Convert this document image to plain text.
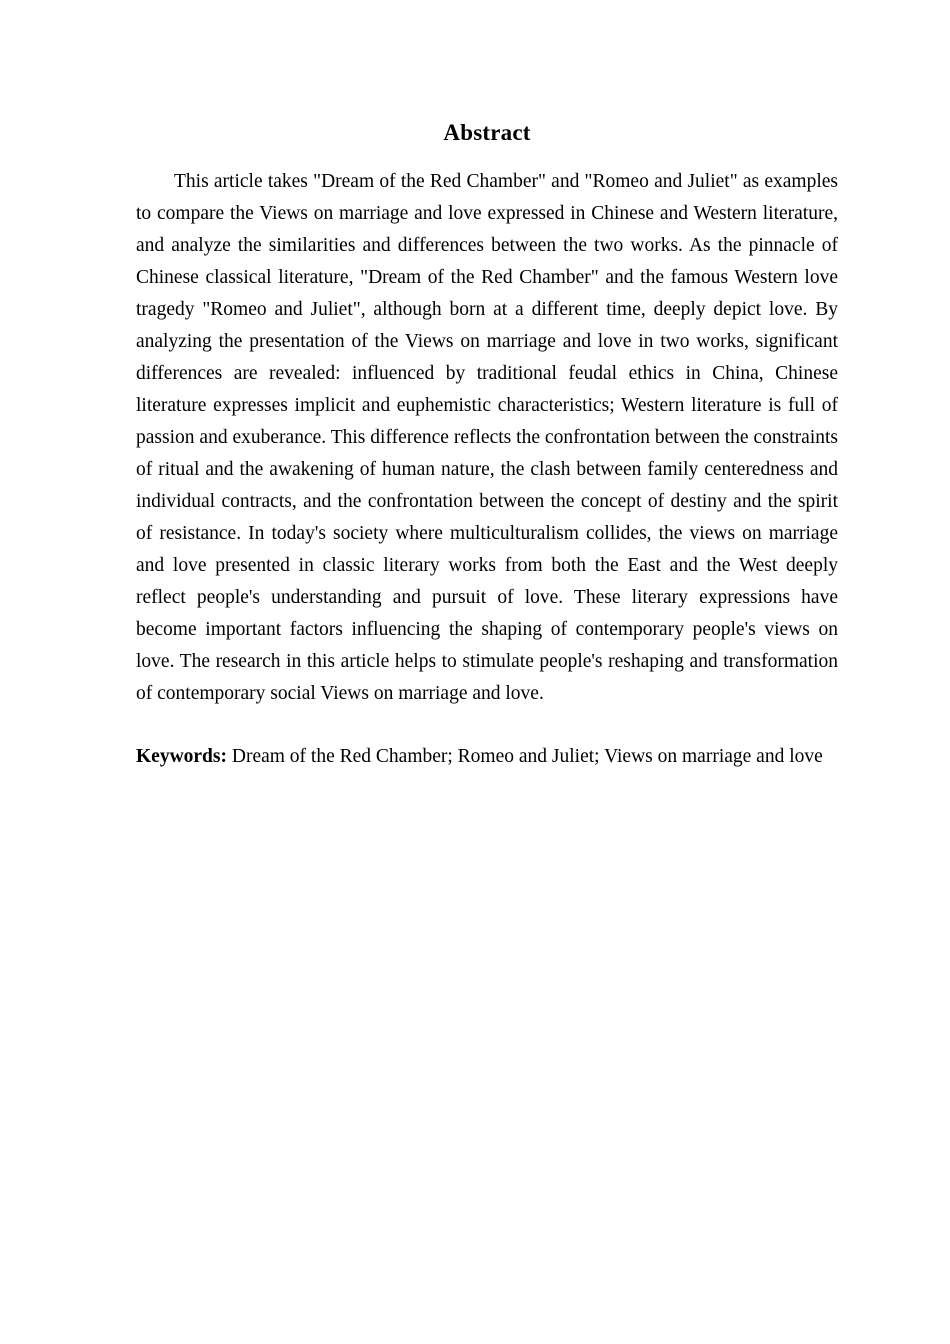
Abstract

This article takes "Dream of the Red Chamber" and "Romeo and Juliet" as examples to compare the Views on marriage and love expressed in Chinese and Western literature, and analyze the similarities and differences between the two works. As the pinnacle of Chinese classical literature, "Dream of the Red Chamber" and the famous Western love tragedy "Romeo and Juliet", although born at a different time, deeply depict love. By analyzing the presentation of the Views on marriage and love in two works, significant differences are revealed: influenced by traditional feudal ethics in China, Chinese literature expresses implicit and euphemistic characteristics; Western literature is full of passion and exuberance. This difference reflects the confrontation between the constraints of ritual and the awakening of human nature, the clash between family centeredness and individual contracts, and the confrontation between the concept of destiny and the spirit of resistance. In today's society where multiculturalism collides, the views on marriage and love presented in classic literary works from both the East and the West deeply reflect people's understanding and pursuit of love. These literary expressions have become important factors influencing the shaping of contemporary people's views on love. The research in this article helps to stimulate people's reshaping and transformation of contemporary social Views on marriage and love.

Keywords: Dream of the Red Chamber; Romeo and Juliet; Views on marriage and love
